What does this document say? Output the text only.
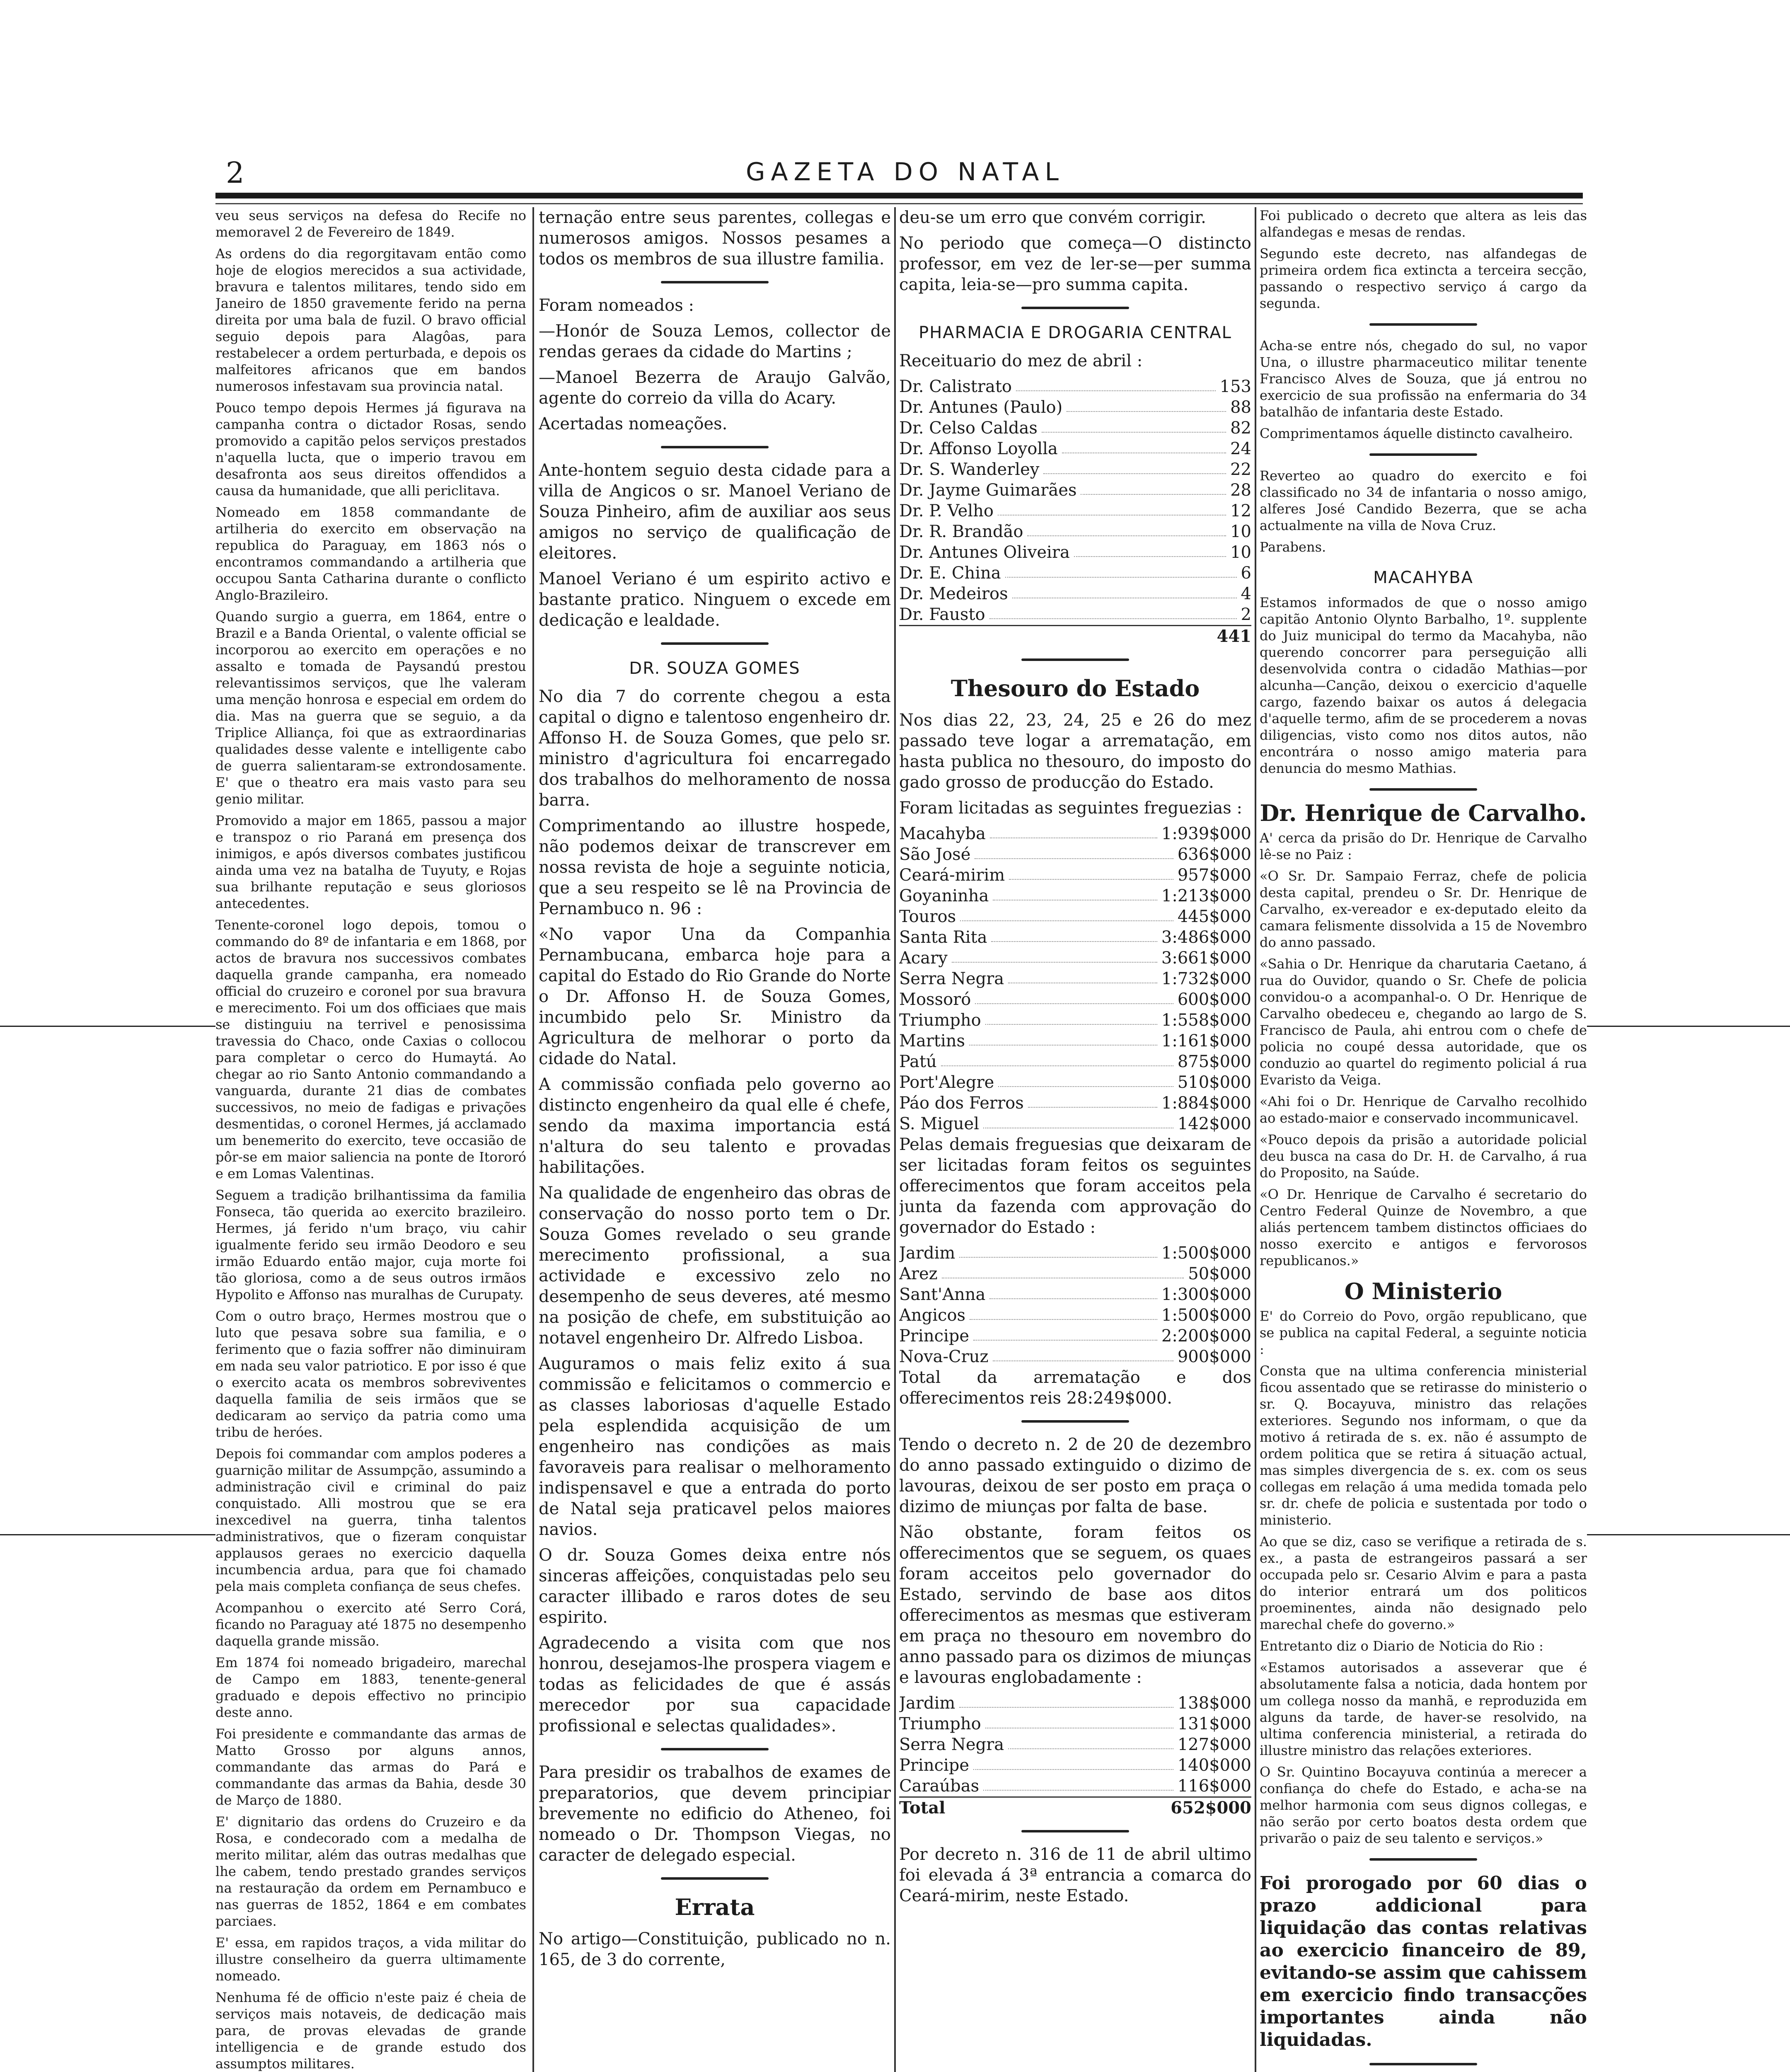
2	GAZETA DO NATAL

veu seus serviços na defesa do Recife no memoravel 2 de Fevereiro de 1849.

As ordens do dia regorgitavam então como hoje de elogios merecidos a sua actividade, bravura e talentos militares, tendo sido em Janeiro de 1850 gravemente ferido na perna direita por uma bala de fuzil. O bravo official seguio depois para Alagôas, para restabelecer a ordem perturbada, e depois os malfeitores africanos que em bandos numerosos infestavam sua provincia natal.

Pouco tempo depois Hermes já figurava na campanha contra o dictador Rosas, sendo promovido a capitão pelos serviços prestados n'aquella lucta, que o imperio travou em desafronta aos seus direitos offendidos a causa da humanidade, que alli periclitava.

Nomeado em 1858 commandante de artilheria do exercito em observação na republica do Paraguay, em 1863 nós o encontramos commandando a artilheria que occupou Santa Catharina durante o conflicto Anglo-Brazileiro.

Quando surgio a guerra, em 1864, entre o Brazil e a Banda Oriental, o valente official se incorporou ao exercito em operações e no assalto e tomada de Paysandú prestou relevantissimos serviços, que lhe valeram uma menção honrosa e especial em ordem do dia. Mas na guerra que se seguio, a da Triplice Alliança, foi que as extraordinarias qualidades desse valente e intelligente cabo de guerra salientaram-se extrondosamente. E' que o theatro era mais vasto para seu genio militar.

Promovido a major em 1865, passou a major e transpoz o rio Paraná em presença dos inimigos, e após diversos combates justificou ainda uma vez na batalha de Tuyuty, e Rojas sua brilhante reputação e seus gloriosos antecedentes.

Tenente-coronel logo depois, tomou o commando do 8º de infantaria e em 1868, por actos de bravura nos successivos combates daquella grande campanha, era nomeado official do cruzeiro e coronel por sua bravura e merecimento. Foi um dos officiaes que mais se distinguiu na terrivel e penosissima travessia do Chaco, onde Caxias o collocou para completar o cerco do Humaytá. Ao chegar ao rio Santo Antonio commandando a vanguarda, durante 21 dias de combates successivos, no meio de fadigas e privações desmentidas, o coronel Hermes, já acclamado um benemerito do exercito, teve occasião de pôr-se em maior saliencia na ponte de Itororó e em Lomas Valentinas.

Seguem a tradição brilhantissima da familia Fonseca, tão querida ao exercito brazileiro. Hermes, já ferido n'um braço, viu cahir igualmente ferido seu irmão Deodoro e seu irmão Eduardo então major, cuja morte foi tão gloriosa, como a de seus outros irmãos Hypolito e Affonso nas muralhas de Curupaty.

Com o outro braço, Hermes mostrou que o luto que pesava sobre sua familia, e o ferimento que o fazia soffrer não diminuiram em nada seu valor patriotico. E por isso é que o exercito acata os membros sobreviventes daquella familia de seis irmãos que se dedicaram ao serviço da patria como uma tribu de heróes.

Depois foi commandar com amplos poderes a guarnição militar de Assumpção, assumindo a administração civil e criminal do paiz conquistado. Alli mostrou que se era inexcedivel na guerra, tinha talentos administrativos, que o fizeram conquistar applausos geraes no exercicio daquella incumbencia ardua, para que foi chamado pela mais completa confiança de seus chefes.

Acompanhou o exercito até Serro Corá, ficando no Paraguay até 1875 no desempenho daquella grande missão.

Em 1874 foi nomeado brigadeiro, marechal de Campo em 1883, tenente-general graduado e depois effectivo no principio deste anno.

Foi presidente e commandante das armas de Matto Grosso por alguns annos, commandante das armas do Pará e commandante das armas da Bahia, desde 30 de Março de 1880.

E' dignitario das ordens do Cruzeiro e da Rosa, e condecorado com a medalha de merito militar, além das outras medalhas que lhe cabem, tendo prestado grandes serviços na restauração da ordem em Pernambuco e nas guerras de 1852, 1864 e em combates parciaes.

E' essa, em rapidos traços, a vida militar do illustre conselheiro da guerra ultimamente nomeado.

Nenhuma fé de officio n'este paiz é cheia de serviços mais notaveis, de dedicação mais para, de provas elevadas de grande intelligencia e de grande estudo dos assumptos militares.

ternação entre seus parentes, collegas e numerosos amigos. Nossos pesames a todos os membros de sua illustre familia.

Foram nomeados :

—Honór de Souza Lemos, collector de rendas geraes da cidade do Martins ;

—Manoel Bezerra de Araujo Galvão, agente do correio da villa do Acary.

Acertadas nomeações.

Ante-hontem seguio desta cidade para a villa de Angicos o sr. Manoel Veriano de Souza Pinheiro, afim de auxiliar aos seus amigos no serviço de qualificação de eleitores.

Manoel Veriano é um espirito activo e bastante pratico. Ninguem o excede em dedicação e lealdade.

DR. SOUZA GOMES

No dia 7 do corrente chegou a esta capital o digno e talentoso engenheiro dr. Affonso H. de Souza Gomes, que pelo sr. ministro d'agricultura foi encarregado dos trabalhos do melhoramento de nossa barra.

Comprimentando ao illustre hospede, não podemos deixar de transcrever em nossa revista de hoje a seguinte noticia, que a seu respeito se lê na Provincia de Pernambuco n. 96 :

«No vapor Una da Companhia Pernambucana, embarca hoje para a capital do Estado do Rio Grande do Norte o Dr. Affonso H. de Souza Gomes, incumbido pelo Sr. Ministro da Agricultura de melhorar o porto da cidade do Natal.

A commissão confiada pelo governo ao distincto engenheiro da qual elle é chefe, sendo da maxima importancia está n'altura do seu talento e provadas habilitações.

Na qualidade de engenheiro das obras de conservação do nosso porto tem o Dr. Souza Gomes revelado o seu grande merecimento profissional, a sua actividade e excessivo zelo no desempenho de seus deveres, até mesmo na posição de chefe, em substituição ao notavel engenheiro Dr. Alfredo Lisboa.

Auguramos o mais feliz exito á sua commissão e felicitamos o commercio e as classes laboriosas d'aquelle Estado pela esplendida acquisição de um engenheiro nas condições as mais favoraveis para realisar o melhoramento indispensavel e que a entrada do porto de Natal seja praticavel pelos maiores navios.

O dr. Souza Gomes deixa entre nós sinceras affeições, conquistadas pelo seu caracter illibado e raros dotes de seu espirito.

Agradecendo a visita com que nos honrou, desejamos-lhe prospera viagem e todas as felicidades de que é assás merecedor por sua capacidade profissional e selectas qualidades».

Para presidir os trabalhos de exames de preparatorios, que devem principiar brevemente no edificio do Atheneo, foi nomeado o Dr. Thompson Viegas, no caracter de delegado especial.

Errata

No artigo—Constituição, publicado no n. 165, de 3 do corrente,

deu-se um erro que convém corrigir.

No periodo que começa—O distincto professor, em vez de ler-se—per summa capita, leia-se—pro summa capita.

PHARMACIA E DROGARIA CENTRAL

Receituario do mez de abril :

Dr. Calistrato	153
Dr. Antunes (Paulo)	88
Dr. Celso Caldas	82
Dr. Affonso Loyolla	24
Dr. S. Wanderley	22
Dr. Jayme Guimarães	28
Dr. P. Velho	12
Dr. R. Brandão	10
Dr. Antunes Oliveira	10
Dr. E. China	6
Dr. Medeiros	4
Dr. Fausto	2
441
Thesouro do Estado

Nos dias 22, 23, 24, 25 e 26 do mez passado teve logar a arrematação, em hasta publica no thesouro, do imposto do gado grosso de producção do Estado.

Foram licitadas as seguintes freguezias :

Macahyba	1:939$000
São José	636$000
Ceará-mirim	957$000
Goyaninha	1:213$000
Touros	445$000
Santa Rita	3:486$000
Acary	3:661$000
Serra Negra	1:732$000
Mossoró	600$000
Triumpho	1:558$000
Martins	1:161$000
Patú	875$000
Port'Alegre	510$000
Páo dos Ferros	1:884$000
S. Miguel	142$000

Pelas demais freguesias que deixaram de ser licitadas foram feitos os seguintes offerecimentos que foram acceitos pela junta da fazenda com approvação do governador do Estado :

Jardim	1:500$000
Arez	50$000
Sant'Anna	1:300$000
Angicos	1:500$000
Principe	2:200$000
Nova-Cruz	900$000

Total da arrematação e dos offerecimentos reis 28:249$000.

Tendo o decreto n. 2 de 20 de dezembro do anno passado extinguido o dizimo de lavouras, deixou de ser posto em praça o dizimo de miunças por falta de base.

Não obstante, foram feitos os offerecimentos que se seguem, os quaes foram acceitos pelo governador do Estado, servindo de base aos ditos offerecimentos as mesmas que estiveram em praça no thesouro em novembro do anno passado para os dizimos de miunças e lavouras englobadamente :

Jardim	138$000
Triumpho	131$000
Serra Negra	127$000
Principe	140$000
Caraúbas	116$000
Total	652$000

Por decreto n. 316 de 11 de abril ultimo foi elevada á 3ª entrancia a comarca do Ceará-mirim, neste Estado.

Foi publicado o decreto que altera as leis das alfandegas e mesas de rendas.

Segundo este decreto, nas alfandegas de primeira ordem fica extincta a terceira secção, passando o respectivo serviço á cargo da segunda.

Acha-se entre nós, chegado do sul, no vapor Una, o illustre pharmaceutico militar tenente Francisco Alves de Souza, que já entrou no exercicio de sua profissão na enfermaria do 34 batalhão de infantaria deste Estado.

Comprimentamos áquelle distincto cavalheiro.

Reverteo ao quadro do exercito e foi classificado no 34 de infantaria o nosso amigo, alferes José Candido Bezerra, que se acha actualmente na villa de Nova Cruz.

Parabens.

MACAHYBA

Estamos informados de que o nosso amigo capitão Antonio Olynto Barbalho, 1º. supplente do Juiz municipal do termo da Macahyba, não querendo concorrer para perseguição alli desenvolvida contra o cidadão Mathias—por alcunha—Canção, deixou o exercicio d'aquelle cargo, fazendo baixar os autos á delegacia d'aquelle termo, afim de se procederem a novas diligencias, visto como nos ditos autos, não encontrára o nosso amigo materia para denuncia do mesmo Mathias.

Dr. Henrique de Carvalho.

A' cerca da prisão do Dr. Henrique de Carvalho lê-se no Paiz :

«O Sr. Dr. Sampaio Ferraz, chefe de policia desta capital, prendeu o Sr. Dr. Henrique de Carvalho, ex-vereador e ex-deputado eleito da camara felismente dissolvida a 15 de Novembro do anno passado.

«Sahia o Dr. Henrique da charutaria Caetano, á rua do Ouvidor, quando o Sr. Chefe de policia convidou-o a acompanhal-o. O Dr. Henrique de Carvalho obedeceu e, chegando ao largo de S. Francisco de Paula, ahi entrou com o chefe de policia no coupé dessa autoridade, que os conduzio ao quartel do regimento policial á rua Evaristo da Veiga.

«Ahi foi o Dr. Henrique de Carvalho recolhido ao estado-maior e conservado incommunicavel.

«Pouco depois da prisão a autoridade policial deu busca na casa do Dr. H. de Carvalho, á rua do Proposito, na Saúde.

«O Dr. Henrique de Carvalho é secretario do Centro Federal Quinze de Novembro, a que aliás pertencem tambem distinctos officiaes do nosso exercito e antigos e fervorosos republicanos.»

O Ministerio

E' do Correio do Povo, orgão republicano, que se publica na capital Federal, a seguinte noticia :

Consta que na ultima conferencia ministerial ficou assentado que se retirasse do ministerio o sr. Q. Bocayuva, ministro das relações exteriores. Segundo nos informam, o que da motivo á retirada de s. ex. não é assumpto de ordem politica que se retira á situação actual, mas simples divergencia de s. ex. com os seus collegas em relação á uma medida tomada pelo sr. dr. chefe de policia e sustentada por todo o ministerio.

Ao que se diz, caso se verifique a retirada de s. ex., a pasta de estrangeiros passará a ser occupada pelo sr. Cesario Alvim e para a pasta do interior entrará um dos politicos proeminentes, ainda não designado pelo marechal chefe do governo.»

Entretanto diz o Diario de Noticia do Rio :

«Estamos autorisados a asseverar que é absolutamente falsa a noticia, dada hontem por um collega nosso da manhã, e reproduzida em alguns da tarde, de haver-se resolvido, na ultima conferencia ministerial, a retirada do illustre ministro das relações exteriores.

O Sr. Quintino Bocayuva continúa a merecer a confiança do chefe do Estado, e acha-se na melhor harmonia com seus dignos collegas, e não serão por certo boatos desta ordem que privarão o paiz de seu talento e serviços.»

Foi prorogado por 60 dias o prazo addicional para liquidação das contas relativas ao exercicio financeiro de 89, evitando-se assim que cahissem em exercicio findo transacções importantes ainda não liquidadas.
